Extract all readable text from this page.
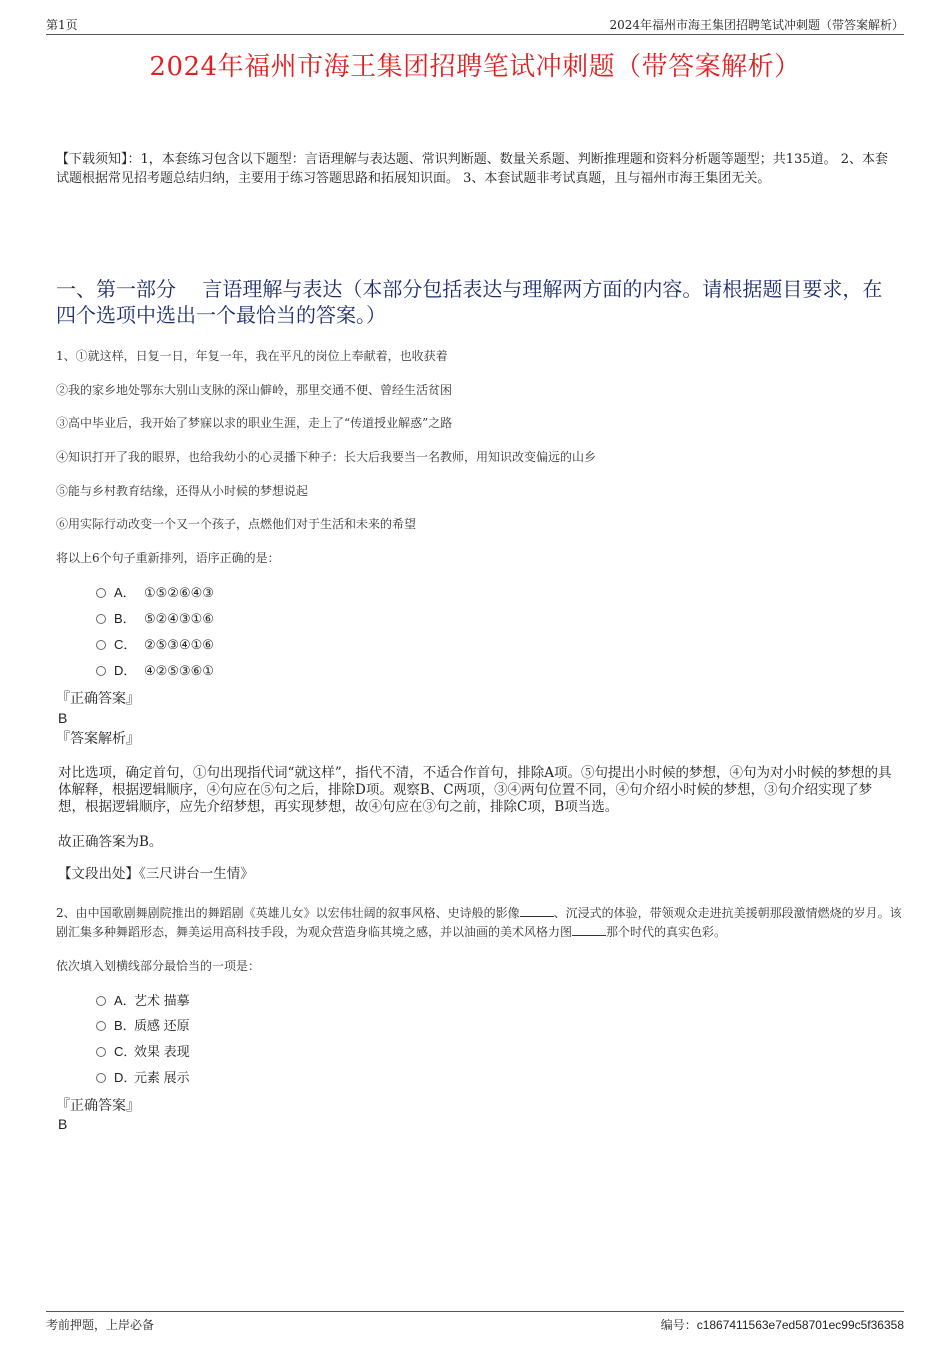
第1页	2024年福州市海王集团招聘笔试冲刺题（带答案解析）
2024年福州市海王集团招聘笔试冲刺题（带答案解析）
【下载须知】：1，本套练习包含以下题型：言语理解与表达题、常识判断题、数量关系题、判断推理题和资料分析题等题型；共135道。 2、本套试题根据常见招考题总结归纳，主要用于练习答题思路和拓展知识面。 3、本套试题非考试真题，且与福州市海王集团无关。
一、第一部分　 言语理解与表达（本部分包括表达与理解两方面的内容。请根据题目要求，在四个选项中选出一个最恰当的答案。）
1、①就这样，日复一日，年复一年，我在平凡的岗位上奉献着，也收获着
②我的家乡地处鄂东大别山支脉的深山僻岭，那里交通不便、曾经生活贫困
③高中毕业后，我开始了梦寐以求的职业生涯，走上了“传道授业解惑”之路
④知识打开了我的眼界，也给我幼小的心灵播下种子：长大后我要当一名教师，用知识改变偏远的山乡
⑤能与乡村教育结缘，还得从小时候的梦想说起
⑥用实际行动改变一个又一个孩子，点燃他们对于生活和未来的希望
将以上6个句子重新排列，语序正确的是：
A． ①⑤②⑥④③
B． ⑤②④③①⑥
C． ②⑤③④①⑥
D． ④②⑤③⑥①
『正确答案』
B
『答案解析』
对比选项，确定首句，①句出现指代词“就这样”，指代不清，不适合作首句，排除A项。⑤句提出小时候的梦想，④句为对小时候的梦想的具体解释，根据逻辑顺序，④句应在⑤句之后，排除D项。观察B、C两项，③④两句位置不同，④句介绍小时候的梦想，③句介绍实现了梦想，根据逻辑顺序，应先介绍梦想，再实现梦想，故④句应在③句之前，排除C项，B项当选。
故正确答案为B。
【文段出处】《三尺讲台一生情》
2、由中国歌剧舞剧院推出的舞蹈剧《英雄儿女》以宏伟壮阔的叙事风格、史诗般的影像	、沉浸式的体验，带领观众走进抗美援朝那段激情燃烧的岁月。该剧汇集多种舞蹈形态，舞美运用高科技手段，为观众营造身临其境之感，并以油画的美术风格力图	那个时代的真实色彩。
依次填入划横线部分最恰当的一项是：
A．艺术 描摹
B．质感 还原
C．效果 表现
D．元素 展示
『正确答案』
B
考前押题，上岸必备	编号：c1867411563e7ed58701ec99c5f36358
